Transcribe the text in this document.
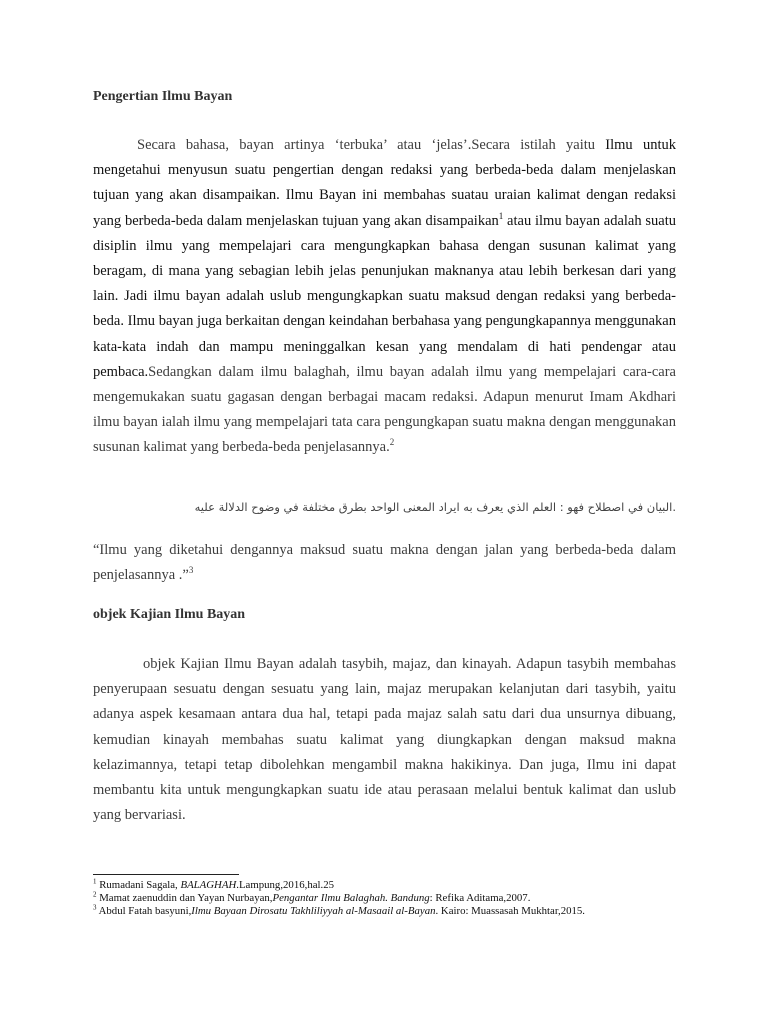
Pengertian Ilmu Bayan

Secara bahasa, bayan artinya ‘terbuka’ atau ‘jelas’.Secara istilah yaitu Ilmu untuk mengetahui menyusun suatu pengertian dengan redaksi yang berbeda-beda dalam menjelaskan tujuan yang akan disampaikan. Ilmu Bayan ini membahas suatau uraian kalimat dengan redaksi yang berbeda-beda dalam menjelaskan tujuan yang akan disampaikan$^1$ atau ilmu bayan adalah suatu disiplin ilmu yang mempelajari cara mengungkapkan bahasa dengan susunan kalimat yang beragam, di mana yang sebagian lebih jelas penunjukan maknanya atau lebih berkesan dari yang lain. Jadi ilmu bayan adalah uslub mengungkapkan suatu maksud dengan redaksi yang berbeda-beda. Ilmu bayan juga berkaitan dengan keindahan berbahasa yang pengungkapannya menggunakan kata-kata indah dan mampu meninggalkan kesan yang mendalam di hati pendengar atau pembaca.Sedangkan dalam ilmu balaghah, ilmu bayan adalah ilmu yang mempelajari cara-cara mengemukakan suatu gagasan dengan berbagai macam redaksi. Adapun menurut Imam Akdhari ilmu bayan ialah ilmu yang mempelajari tata cara pengungkapan suatu makna dengan menggunakan susunan kalimat yang berbeda-beda penjelasannya.$^2$

.البيان في اصطلاح فهو : العلم الذي يعرف به ايراد المعنى الواحد بطرق مختلفة في وضوح الدلالة عليه

“Ilmu yang diketahui dengannya maksud suatu makna dengan jalan yang berbeda-beda dalam penjelasannya .”$^3$

objek Kajian Ilmu Bayan

objek Kajian Ilmu Bayan adalah tasybih, majaz, dan kinayah. Adapun tasybih membahas penyerupaan sesuatu dengan sesuatu yang lain, majaz merupakan kelanjutan dari tasybih, yaitu adanya aspek kesamaan antara dua hal, tetapi pada majaz salah satu dari dua unsurnya dibuang, kemudian kinayah membahas suatu kalimat yang diungkapkan dengan maksud makna kelazimannya, tetapi tetap dibolehkan mengambil makna hakikinya. Dan juga, Ilmu ini dapat membantu kita untuk mengungkapkan suatu ide atau perasaan melalui bentuk kalimat dan uslub yang bervariasi.

$^1$ Rumadani Sagala, BALAGHAH.Lampung,2016,hal.25

$^2$ Mamat zaenuddin dan Yayan Nurbayan,Pengantar Ilmu Balaghah. Bandung: Refika Aditama,2007.

$^3$ Abdul Fatah basyuni,Ilmu Bayaan Dirosatu Takhliliyyah al-Masaail al-Bayan. Kairo: Muassasah Mukhtar,2015.
